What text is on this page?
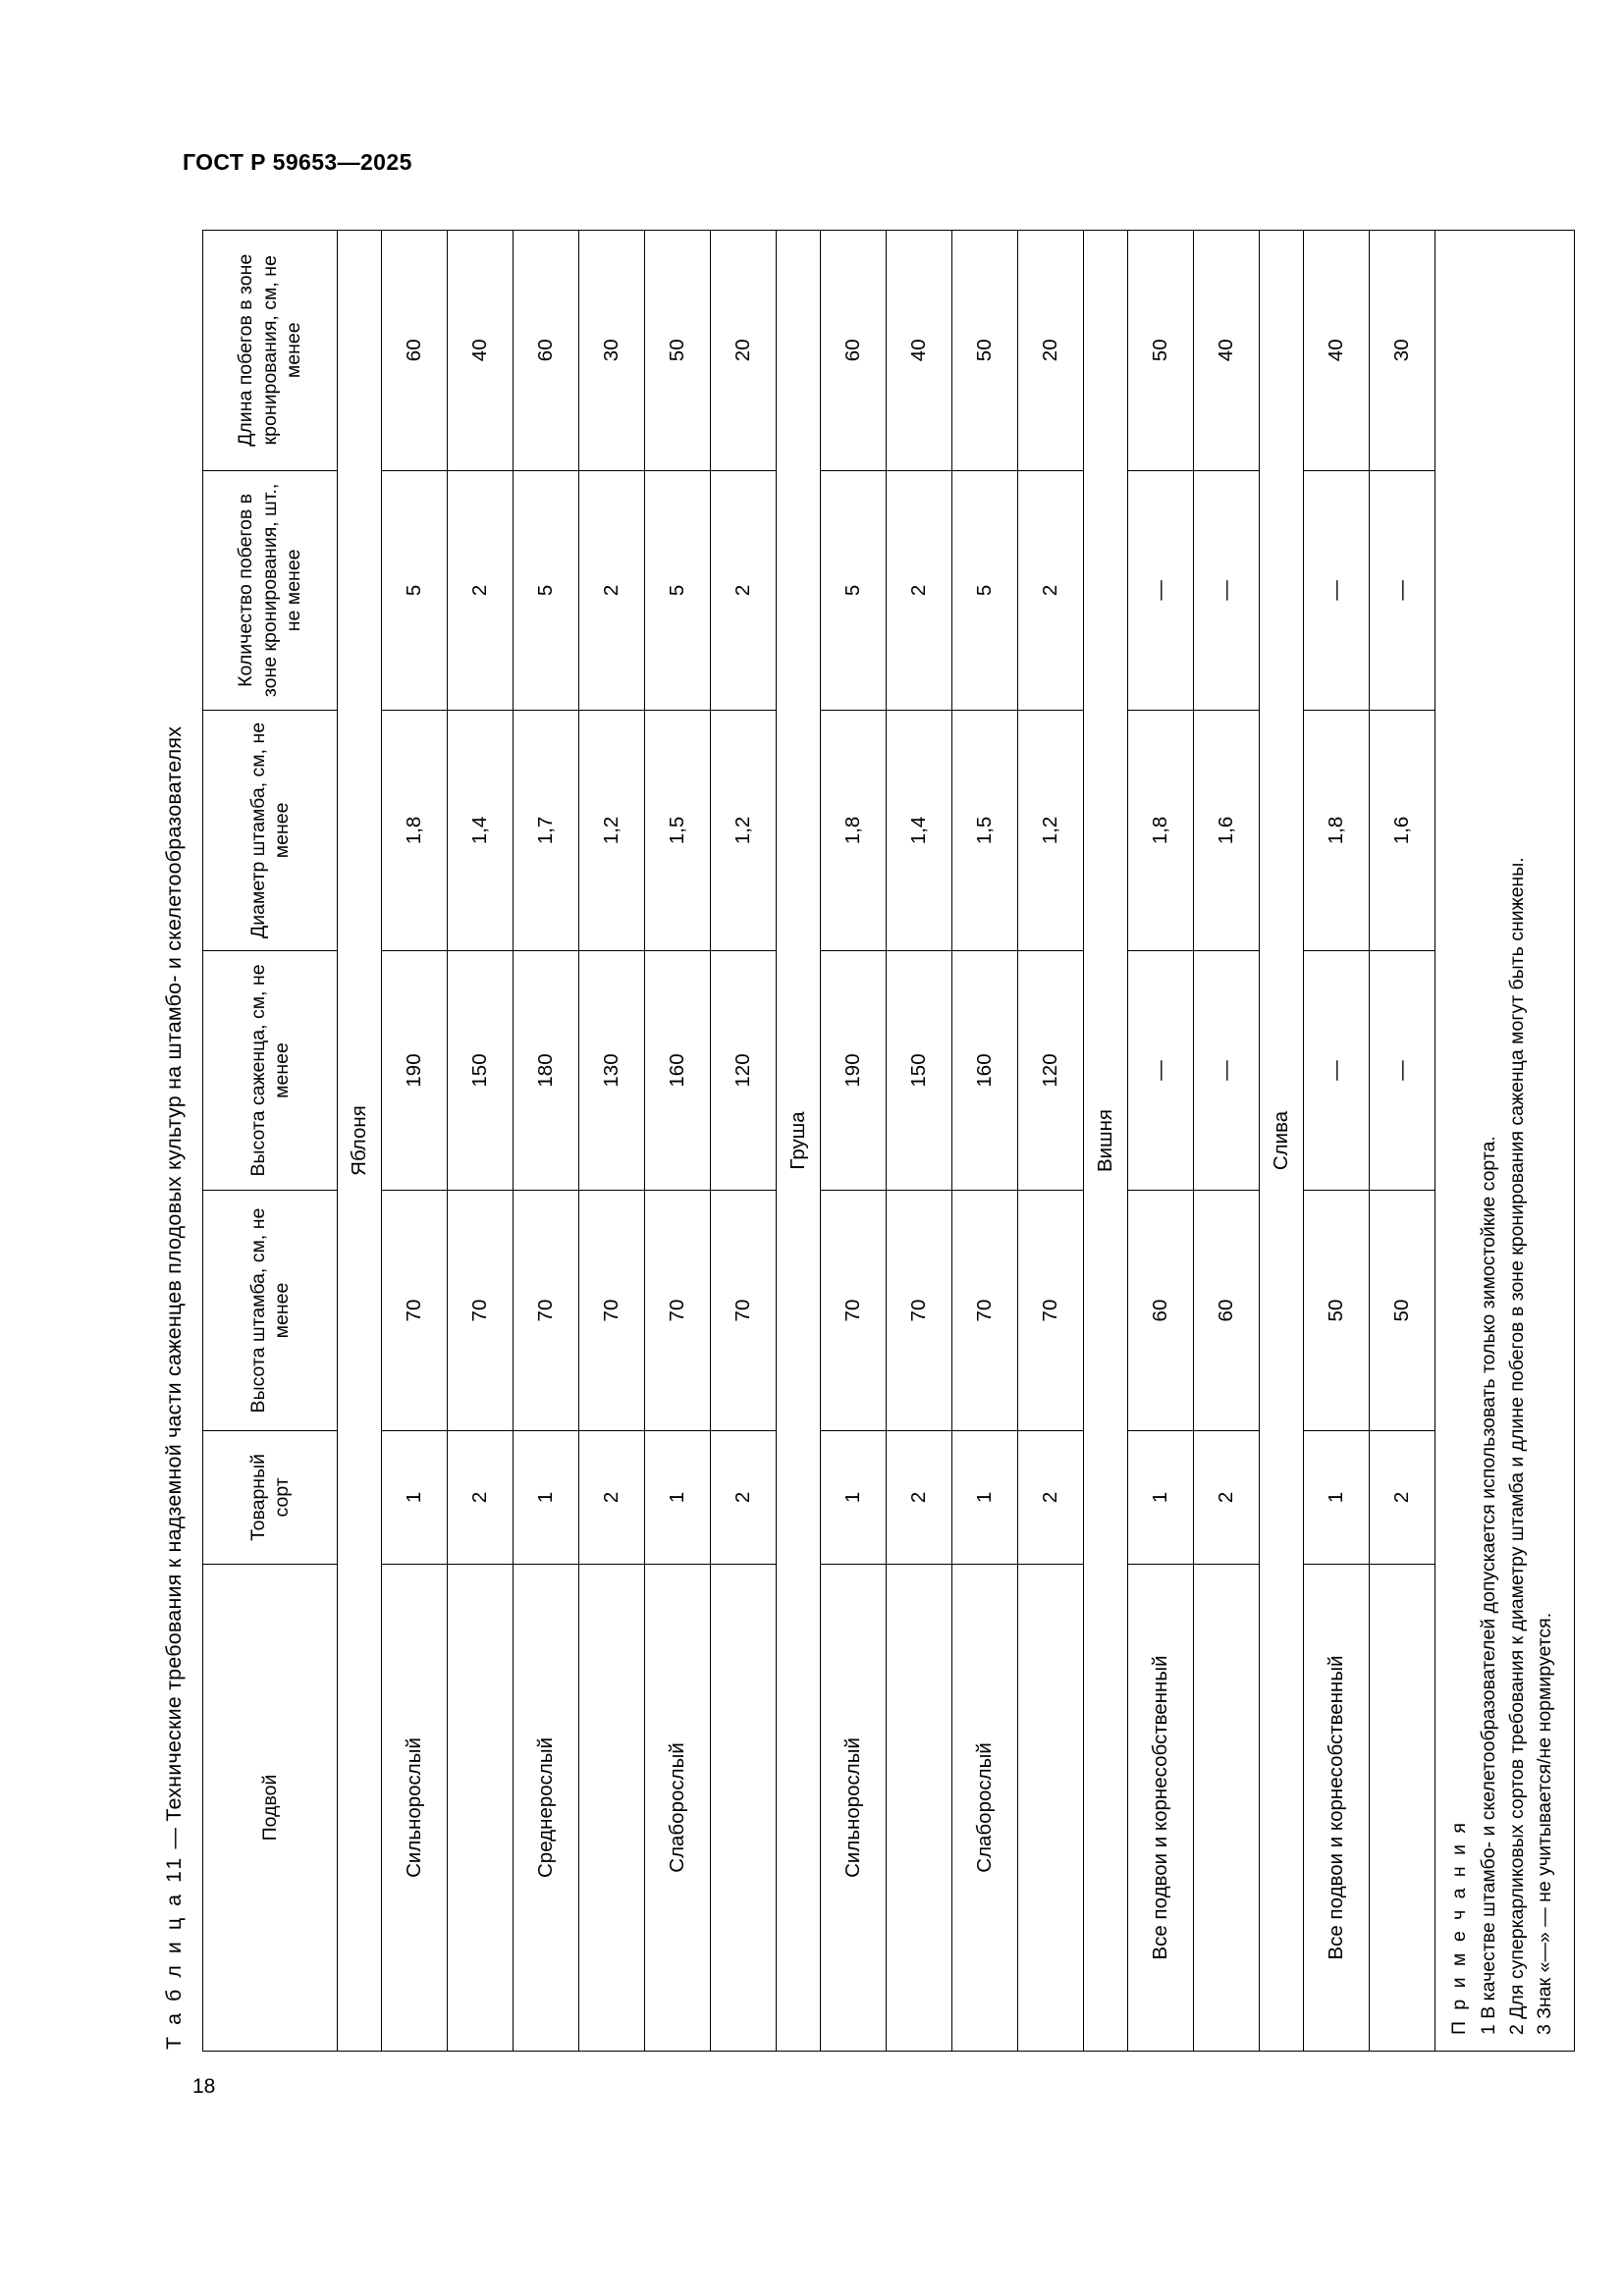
ГОСТ Р 59653—2025
18
Т а б л и ц а 11 — Технические требования к надземной части саженцев плодовых культур на штамбо- и скелетообразователях	Подвой	Товарный сорт	Высота штамба, см, не менее	Высота саженца, см, не менее	Диаметр штамба, см, не менее	Количество побегов в зоне кронирования, шт., не менее	Длина побегов в зоне кронирования, см, не менее
Яблоня						
Сильнорослый	1	70	190	1,8	5	60
	2	70	150	1,4	2	40
Среднерослый	1	70	180	1,7	5	60
	2	70	130	1,2	2	30
Слаборослый	1	70	160	1,5	5	50
	2	70	120	1,2	2	20
Груша						
Сильнорослый	1	70	190	1,8	5	60
	2	70	150	1,4	2	40
Слаборослый	1	70	160	1,5	5	50
	2	70	120	1,2	2	20
Вишня						
Все подвои и корнесобственный	1	60	—	1,8	—	50
	2	60	—	1,6	—	40
Слива						
Все подвои и корнесобственный	1	50	—	1,8	—	40
	2	50	—	1,6	—	30
П р и м е ч а н и я 1 В качестве штамбо- и скелетообразователей допускается использовать только зимостойкие сорта. 2 Для суперкарликовых сортов требования к диаметру штамба и длине побегов в зоне кронирования саженца могут быть снижены. 3 Знак «—» — не учитывается/не нормируется.
